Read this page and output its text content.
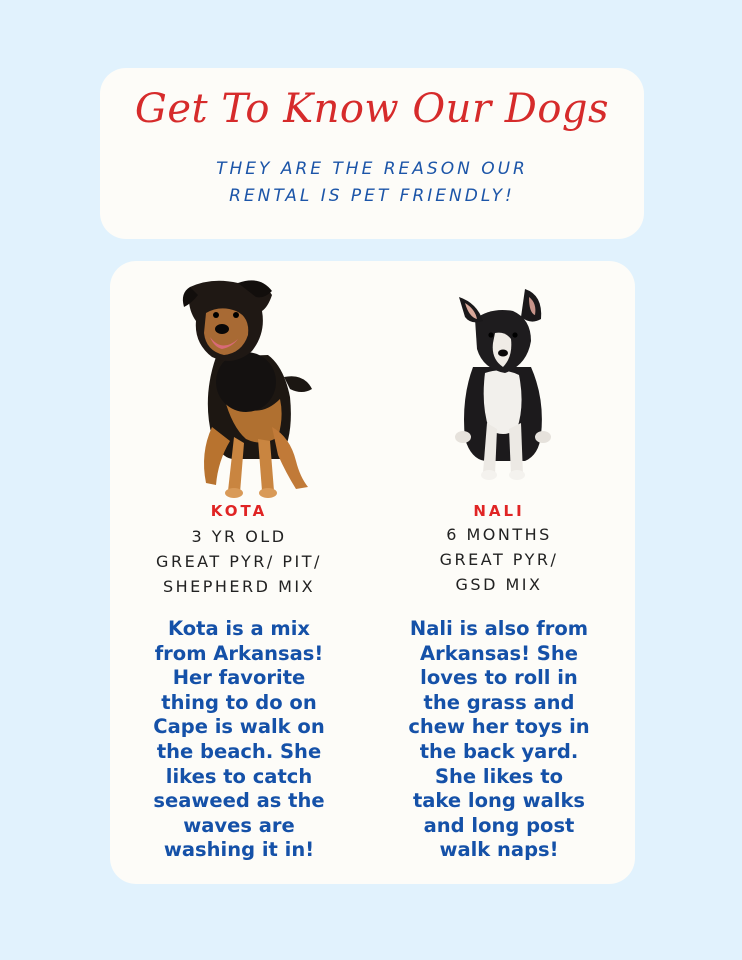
Get To Know Our Dogs
THEY ARE THE REASON OUR
RENTAL IS PET FRIENDLY!
KOTA
3 YR OLD
GREAT PYR/ PIT/
SHEPHERD MIX
Kota is a mix
from Arkansas!
Her favorite
thing to do on
Cape is walk on
the beach. She
likes to catch
seaweed as the
waves are
washing it in!
NALI
6 MONTHS
GREAT PYR/
GSD MIX
Nali is also from
Arkansas! She
loves to roll in
the grass and
chew her toys in
the back yard.
She likes to
take long walks
and long post
walk naps!
